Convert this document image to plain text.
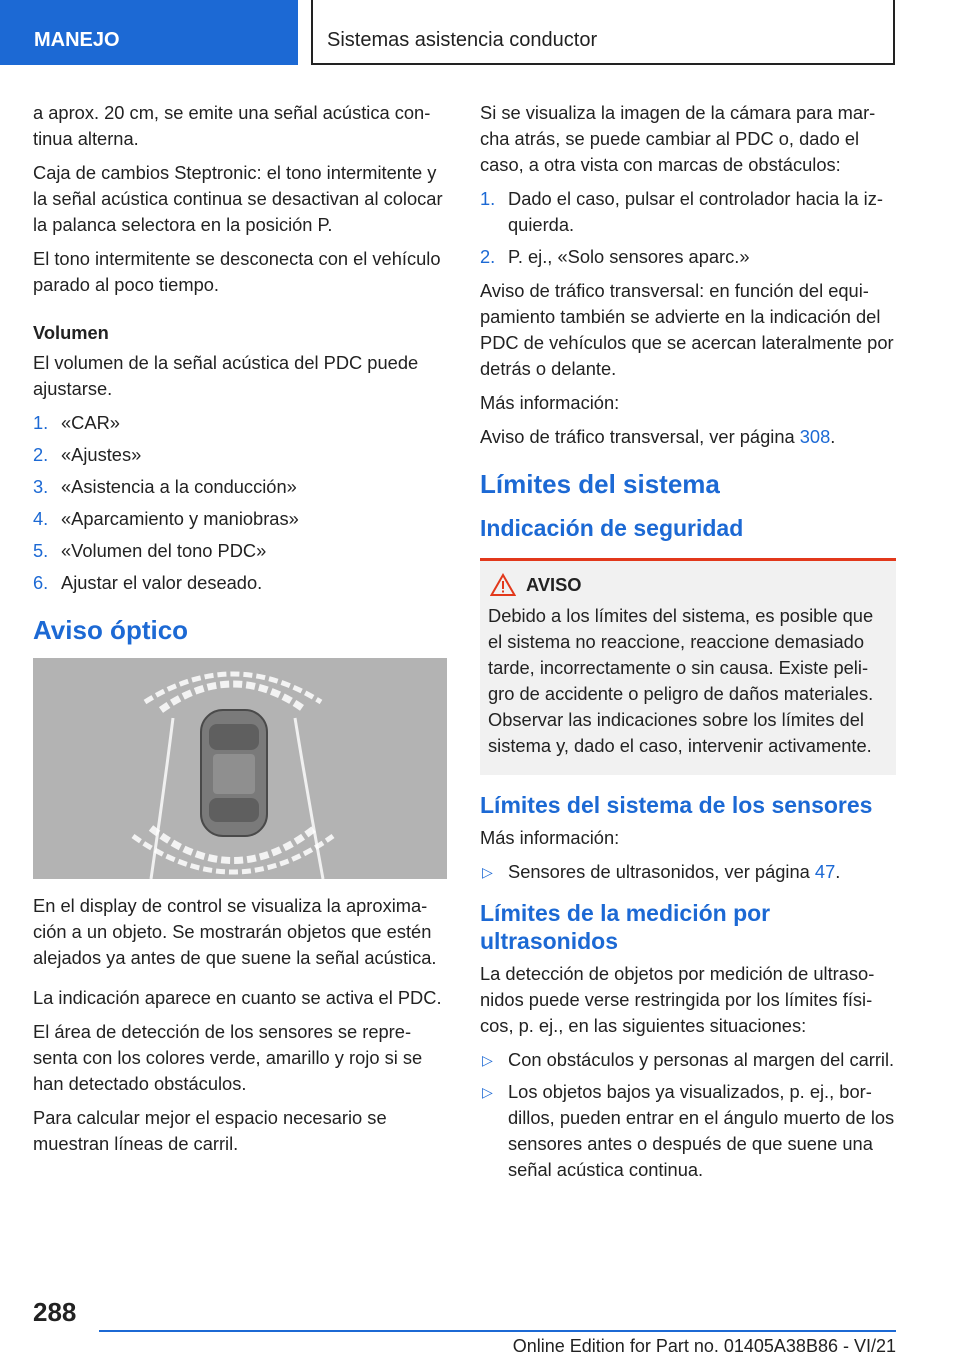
MANEJO	Sistemas asistencia conductor

a aprox. 20 cm, se emite una señal acústica continua alterna.

Caja de cambios Steptronic: el tono intermitente y la señal acústica continua se desactivan al colocar la palanca selectora en la posición P.

El tono intermitente se desconecta con el vehículo parado al poco tiempo.

Volumen

El volumen de la señal acústica del PDC puede ajustarse.

1. «CAR»
2. «Ajustes»
3. «Asistencia a la conducción»
4. «Aparcamiento y maniobras»
5. «Volumen del tono PDC»
6. Ajustar el valor deseado.
Aviso óptico

En el display de control se visualiza la aproximación a un objeto. Se mostrarán objetos que estén alejados ya antes de que suene la señal acústica.

La indicación aparece en cuanto se activa el PDC.

El área de detección de los sensores se representa con los colores verde, amarillo y rojo si se han detectado obstáculos.

Para calcular mejor el espacio necesario se muestran líneas de carril.

Si se visualiza la imagen de la cámara para marcha atrás, se puede cambiar al PDC o, dado el caso, a otra vista con marcas de obstáculos:

1. Dado el caso, pulsar el controlador hacia la izquierda.
2. P. ej., «Solo sensores aparc.»

Aviso de tráfico transversal: en función del equipamiento también se advierte en la indicación del PDC de vehículos que se acercan lateralmente por detrás o delante.

Más información:

Aviso de tráfico transversal, ver página 308.

Límites del sistema
Indicación de seguridad
AVISO

Debido a los límites del sistema, es posible que el sistema no reaccione, reaccione demasiado tarde, incorrectamente o sin causa. Existe peligro de accidente o peligro de daños materiales. Observar las indicaciones sobre los límites del sistema y, dado el caso, intervenir activamente.

Límites del sistema de los sensores

Más información:

▷ Sensores de ultrasonidos, ver página 47.
Límites de la medición por ultrasonidos

La detección de objetos por medición de ultrasonidos puede verse restringida por los límites físicos, p. ej., en las siguientes situaciones:

▷ Con obstáculos y personas al margen del carril.
▷ Los objetos bajos ya visualizados, p. ej., bordillos, pueden entrar en el ángulo muerto de los sensores antes o después de que suene una señal acústica continua.
288
Online Edition for Part no. 01405A38B86 - VI/21
